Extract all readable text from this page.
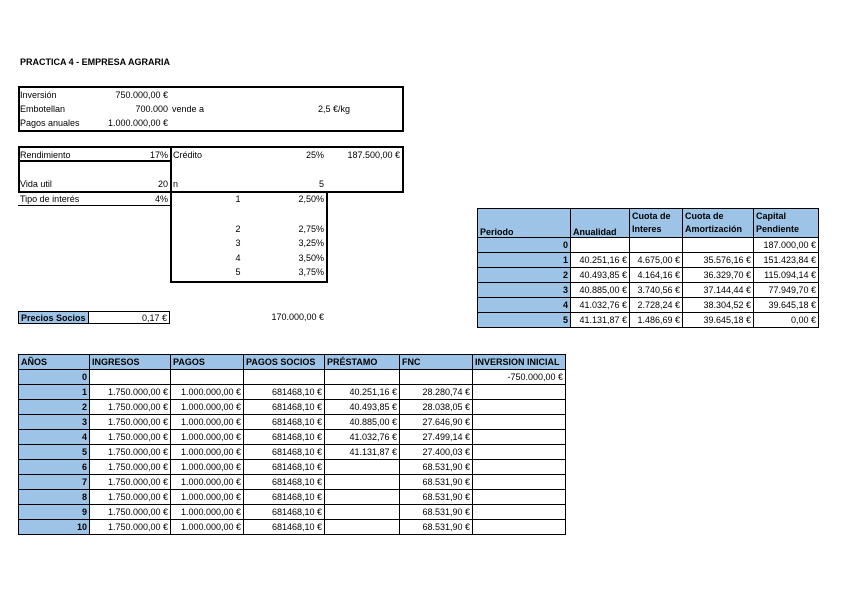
PRACTICA 4 - EMPRESA AGRARIA
Inversión	750.000,00 €
Embotellan	700.000 vende a	2,5 €/kg
Pagos anuales	1.000.000,00 €
Rendimiento	17% Crédito	25%	187.500,00 €
Vida util	20 n	5
Tipo de interés	4%	1	2,50%
2	2,75%
3	3,25%
4	3,50%
5	3,75%
Precios Socios	0,17 €	170.000,00 €
Periodo	Anualidad	Cuota de Interes	Cuota de Amortización	Capital Pendiente
0				187.000,00 €
1	40.251,16 €	4.675,00 €	35.576,16 €	151.423,84 €
2	40.493,85 €	4.164,16 €	36.329,70 €	115.094,14 €
3	40.885,00 €	3.740,56 €	37.144,44 €	77.949,70 €
4	41.032,76 €	2.728,24 €	38.304,52 €	39.645,18 €
5	41.131,87 €	1.486,69 €	39.645,18 €	0,00 €
AÑOS	INGRESOS	PAGOS	PAGOS SOCIOS	PRÉSTAMO	FNC	INVERSION INICIAL
0						-750.000,00 €
1	1.750.000,00 €	1.000.000,00 €	681468,10 €	40.251,16 €	28.280,74 €	
2	1.750.000,00 €	1.000.000,00 €	681468,10 €	40.493,85 €	28.038,05 €	
3	1.750.000,00 €	1.000.000,00 €	681468,10 €	40.885,00 €	27.646,90 €	
4	1.750.000,00 €	1.000.000,00 €	681468,10 €	41.032,76 €	27.499,14 €	
5	1.750.000,00 €	1.000.000,00 €	681468,10 €	41.131,87 €	27.400,03 €	
6	1.750.000,00 €	1.000.000,00 €	681468,10 €		68.531,90 €	
7	1.750.000,00 €	1.000.000,00 €	681468,10 €		68.531,90 €	
8	1.750.000,00 €	1.000.000,00 €	681468,10 €		68.531,90 €	
9	1.750.000,00 €	1.000.000,00 €	681468,10 €		68.531,90 €	
10	1.750.000,00 €	1.000.000,00 €	681468,10 €		68.531,90 €	
